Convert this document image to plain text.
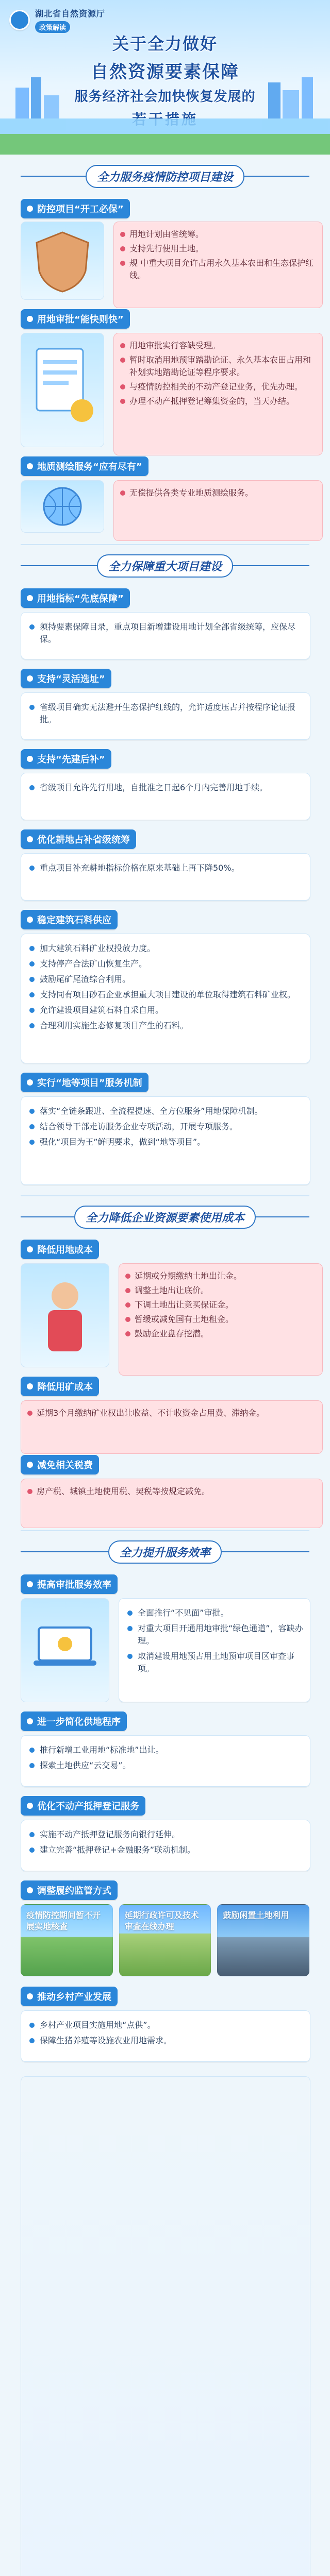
湖北省自然资源厅
政策解读
关于全力做好
自然资源要素保障
服务经济社会加快恢复发展的
全力服务疫情防控项目建设
防控项目“开工必保”
用地计划由省统筹。
支持先行使用土地。
规 中重大项目允许占用永久基本农田和生态保护红线。
用地审批“能快则快”
用地审批实行容缺受理。
暂时取消用地预审踏勘论证、永久基本农田占用和补划实地踏勘论证等程序要求。
与疫情防控相关的不动产登记业务，优先办理。
办理不动产抵押登记筹集资金的，当天办结。
地质测绘服务“应有尽有”
无偿提供各类专业地质测绘服务。
全力保障重大项目建设
用地指标“先底保障”
须持要素保障目录，重点项目新增建设用地计划全部省级统筹，应保尽保。
支持“灵活选址”
省级项目确实无法避开生态保护红线的，允许适度压占并按程序论证报批。
支持“先建后补”
省级项目允许先行用地，自批准之日起6个月内完善用地手续。
优化耕地占补省级统筹
重点项目补充耕地指标价格在原来基础上再下降50%。
稳定建筑石料供应
加大建筑石料矿业权投放力度。
支持停产合法矿山恢复生产。
鼓励尾矿尾渣综合利用。
支持同有项目砂石企业承担重大项目建设的单位取得建筑石料矿业权。
允许建设项目建筑石料自采自用。
合理利用实施生态修复项目产生的石料。
实行“地等项目”服务机制
落实“全链条跟进、全流程提速、全方位服务”用地保障机制。
结合领导干部走访服务企业专项活动，开展专项服务。
强化“项目为王”鲜明要求，做到“地等项目”。
全力降低企业资源要素使用成本
降低用地成本
延期或分期缴纳土地出让金。
调整土地出让底价。
下调土地出让竞买保证金。
暂缓或减免国有土地租金。
鼓励企业盘存挖潜。
降低用矿成本
延期3个月缴纳矿业权出让收益、不计收资金占用费、滞纳金。
减免相关税费
房产税、城镇土地使用税、契税等按规定减免。
全力提升服务效率
提高审批服务效率
全面推行“不见面”审批。
对重大项目开通用地审批“绿色通道”，容缺办理。
取消建设用地预占用土地预审项目区审查事项。
进一步简化供地程序
推行新增工业用地“标准地”出让。
探索土地供应“云交易”。
优化不动产抵押登记服务
实施不动产抵押登记服务向银行延伸。
建立完善“抵押登记+金融服务”联动机制。
调整履约监管方式
疫情防控期间暂不开展实地核查
延期行政许可及技术审查在线办理
鼓励闲置土地利用
推动乡村产业发展
乡村产业项目实施用地“点供”。
保障生猪养殖等设施农业用地需求。
